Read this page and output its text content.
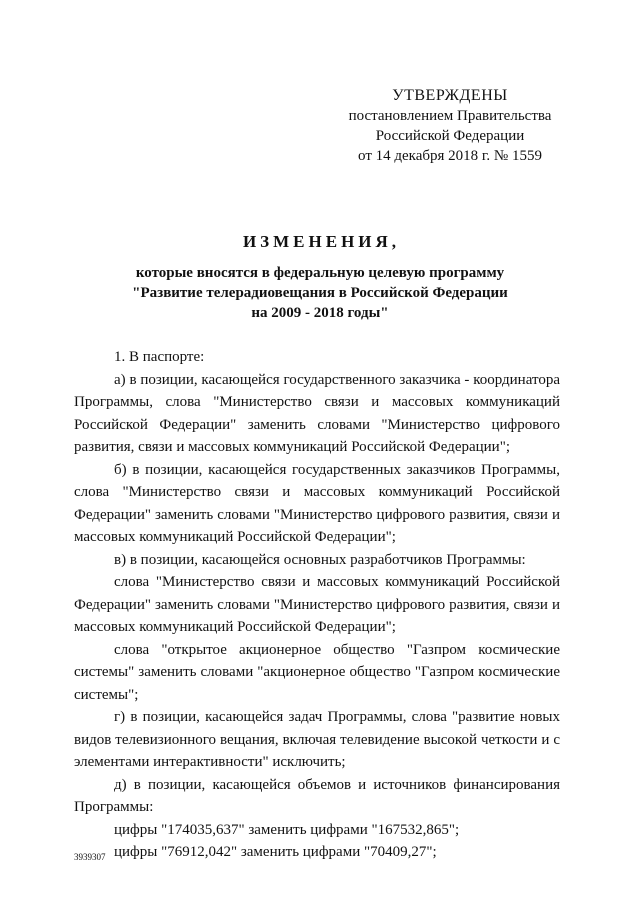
УТВЕРЖДЕНЫ
постановлением Правительства
Российской Федерации
от 14 декабря 2018 г. № 1559
ИЗМЕНЕНИЯ,
которые вносятся в федеральную целевую программу
"Развитие телерадиовещания в Российской Федерации
на 2009 - 2018 годы"

1. В паспорте:

а) в позиции, касающейся государственного заказчика - координатора Программы, слова "Министерство связи и массовых коммуникаций Российской Федерации" заменить словами "Министерство цифрового развития, связи и массовых коммуникаций Российской Федерации";

б) в позиции, касающейся государственных заказчиков Программы, слова "Министерство связи и массовых коммуникаций Российской Федерации" заменить словами "Министерство цифрового развития, связи и массовых коммуникаций Российской Федерации";

в) в позиции, касающейся основных разработчиков Программы:

слова "Министерство связи и массовых коммуникаций Российской Федерации" заменить словами "Министерство цифрового развития, связи и массовых коммуникаций Российской Федерации";

слова "открытое акционерное общество "Газпром космические системы" заменить словами "акционерное общество "Газпром космические системы";

г) в позиции, касающейся задач Программы, слова "развитие новых видов телевизионного вещания, включая телевидение высокой четкости и с элементами интерактивности" исключить;

д) в позиции, касающейся объемов и источников финансирования Программы:

цифры "174035,637" заменить цифрами "167532,865";

цифры "76912,042" заменить цифрами "70409,27";

3939307
